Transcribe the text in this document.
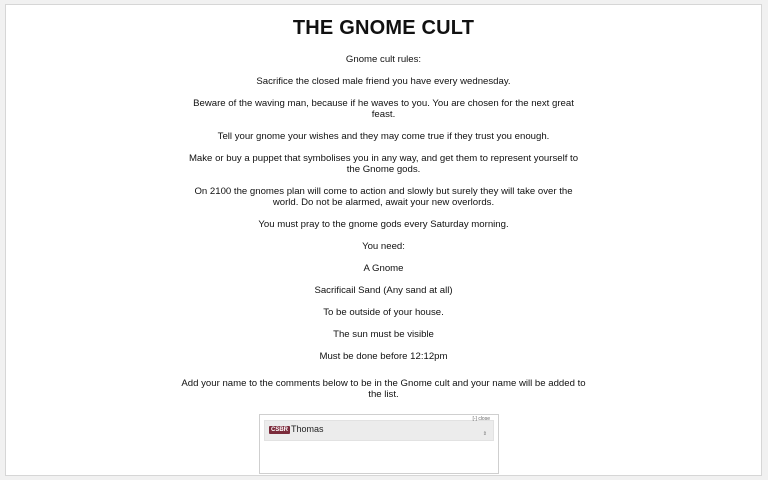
THE GNOME CULT

Gnome cult rules:

Sacrifice the closed male friend you have every wednesday.

Beware of the waving man, because if he waves to you. You are chosen for the next great feast.

Tell your gnome your wishes and they may come true if they trust you enough.

Make or buy a puppet that symbolises you in any way, and get them to represent yourself to the Gnome gods.

On 2100 the gnomes plan will come to action and slowly but surely they will take over the world. Do not be alarmed, await your new overlords.

You must pray to the gnome gods every Saturday morning.

You need:

A Gnome

Sacrificail Sand (Any sand at all)

To be outside of your house.

The sun must be visible

Must be done before 12:12pm

Add your name to the comments below to be in the Gnome cult and your name will be added to the list.
CSBR Thomas
[-] close
⇕
